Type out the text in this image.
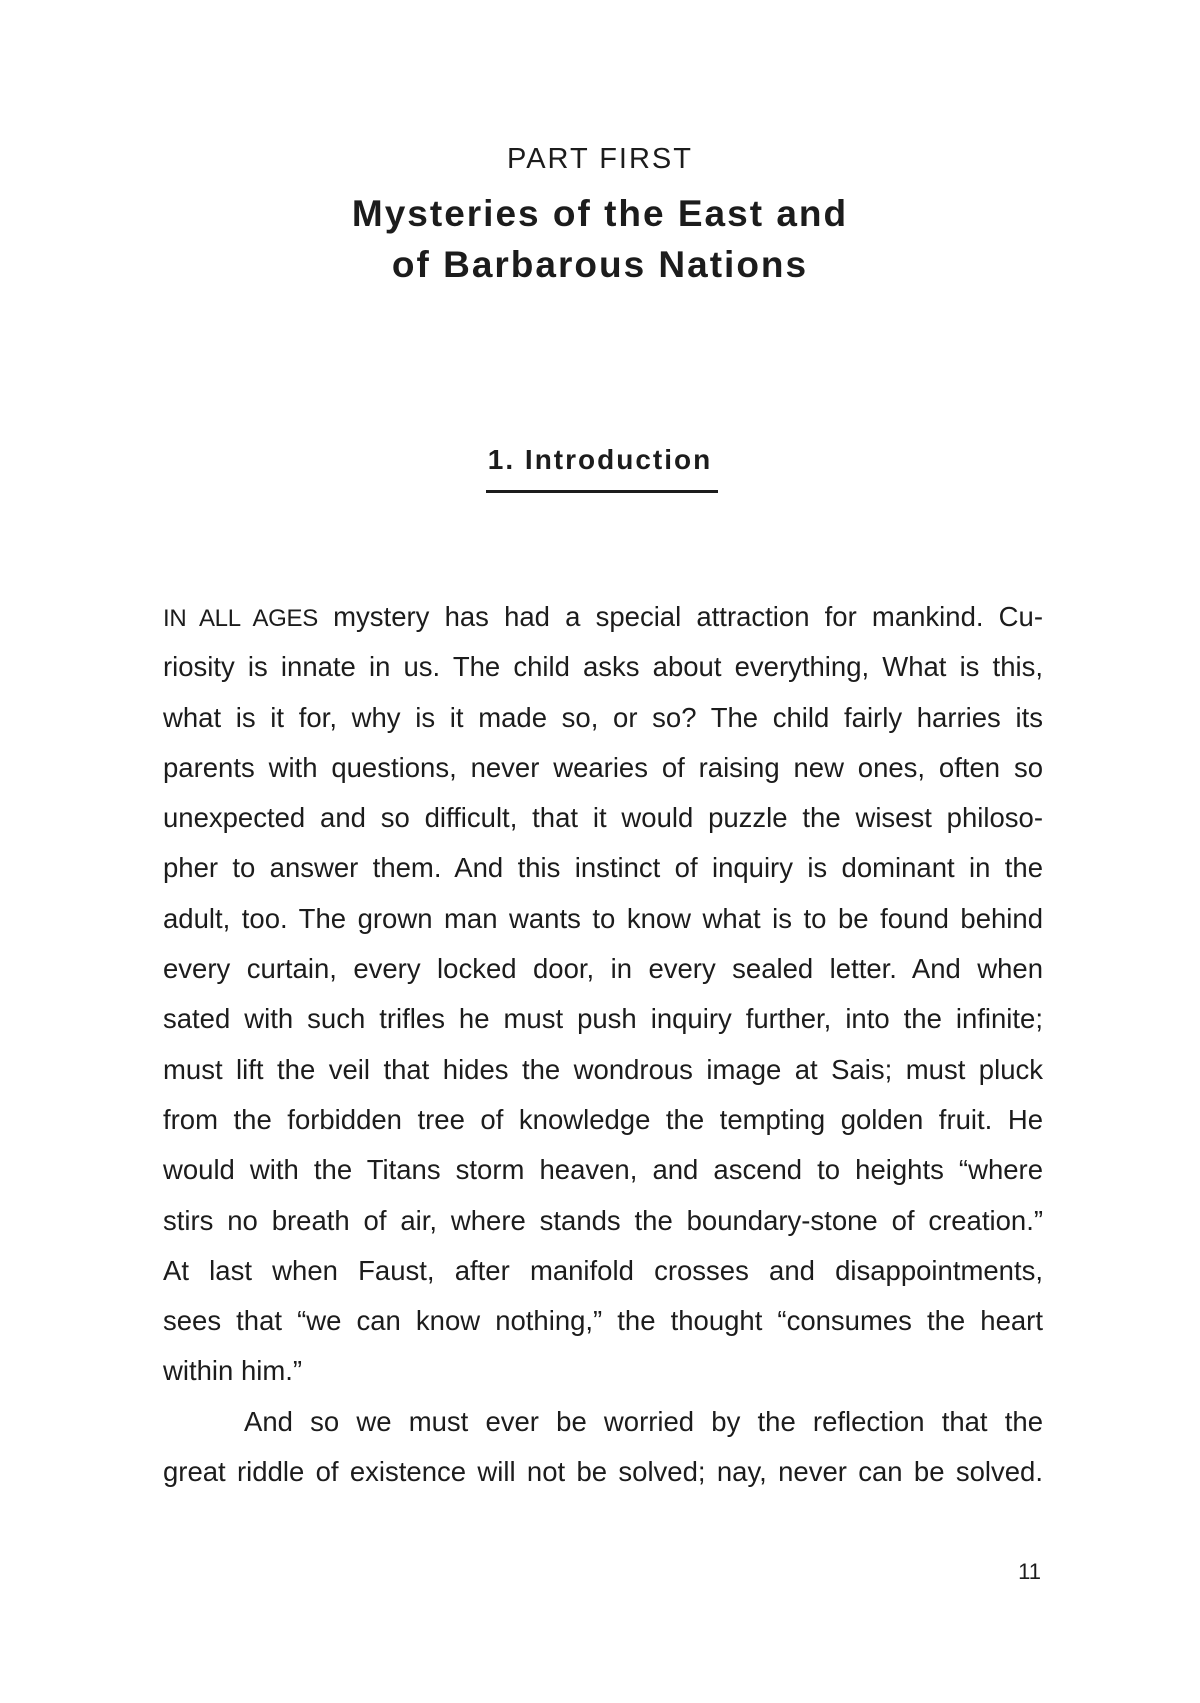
PART FIRST
Mysteries of the East and
of Barbarous Nations
1. Introduction
IN ALL AGES mystery has had a special attraction for mankind. Cu-
riosity is innate in us. The child asks about everything, What is this,
what is it for, why is it made so, or so? The child fairly harries its
parents with questions, never wearies of raising new ones, often so
unexpected and so difficult, that it would puzzle the wisest philoso-
pher to answer them. And this instinct of inquiry is dominant in the
adult, too. The grown man wants to know what is to be found behind
every curtain, every locked door, in every sealed letter. And when
sated with such trifles he must push inquiry further, into the infinite;
must lift the veil that hides the wondrous image at Sais; must pluck
from the forbidden tree of knowledge the tempting golden fruit. He
would with the Titans storm heaven, and ascend to heights “where
stirs no breath of air, where stands the boundary-stone of creation.”
At last when Faust, after manifold crosses and disappointments,
sees that “we can know nothing,” the thought “consumes the heart
within him.”
And so we must ever be worried by the reflection that the
great riddle of existence will not be solved; nay, never can be solved.
11
